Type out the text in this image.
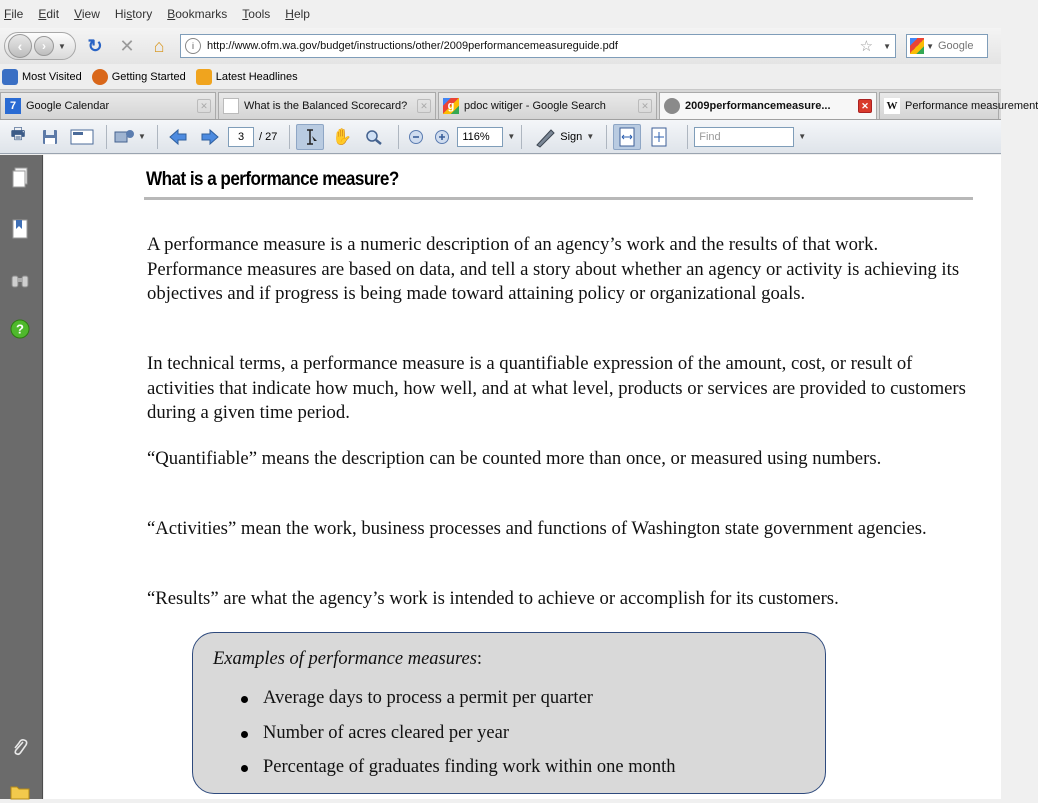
File Edit View History Bookmarks Tools Help
‹ › ▼ ↻ ✕ ⌂	i	http://www.ofm.wa.gov/budget/instructions/other/2009performancemeasureguide.pdf	☆ ▼	▼
Google
Most Visited	Getting Started	Latest Headlines
7 Google Calendar	✕	What is the Balanced Scorecard?	✕	g pdoc witiger - Google Search	✕	2009performancemeasure...	✕ W Performance measurement
🖶	▼	3	/ 27	✋	116%	▼	Sign ▼	Find	▼
?
What is a performance measure?

A performance measure is a numeric description of an agency’s work and the results of that work. Performance measures are based on data, and tell a story about whether an agency or activity is achieving its objectives and if progress is being made toward attaining policy or organizational goals.

In technical terms, a performance measure is a quantifiable expression of the amount, cost, or result of activities that indicate how much, how well, and at what level, products or services are provided to customers during a given time period.

“Quantifiable” means the description can be counted more than once, or measured using numbers.

“Activities” mean the work, business processes and functions of Washington state government agencies.

“Results” are what the agency’s work is intended to achieve or accomplish for its customers.

Examples of performance measures:
Average days to process a permit per quarter
Number of acres cleared per year
Percentage of graduates finding work within one month
